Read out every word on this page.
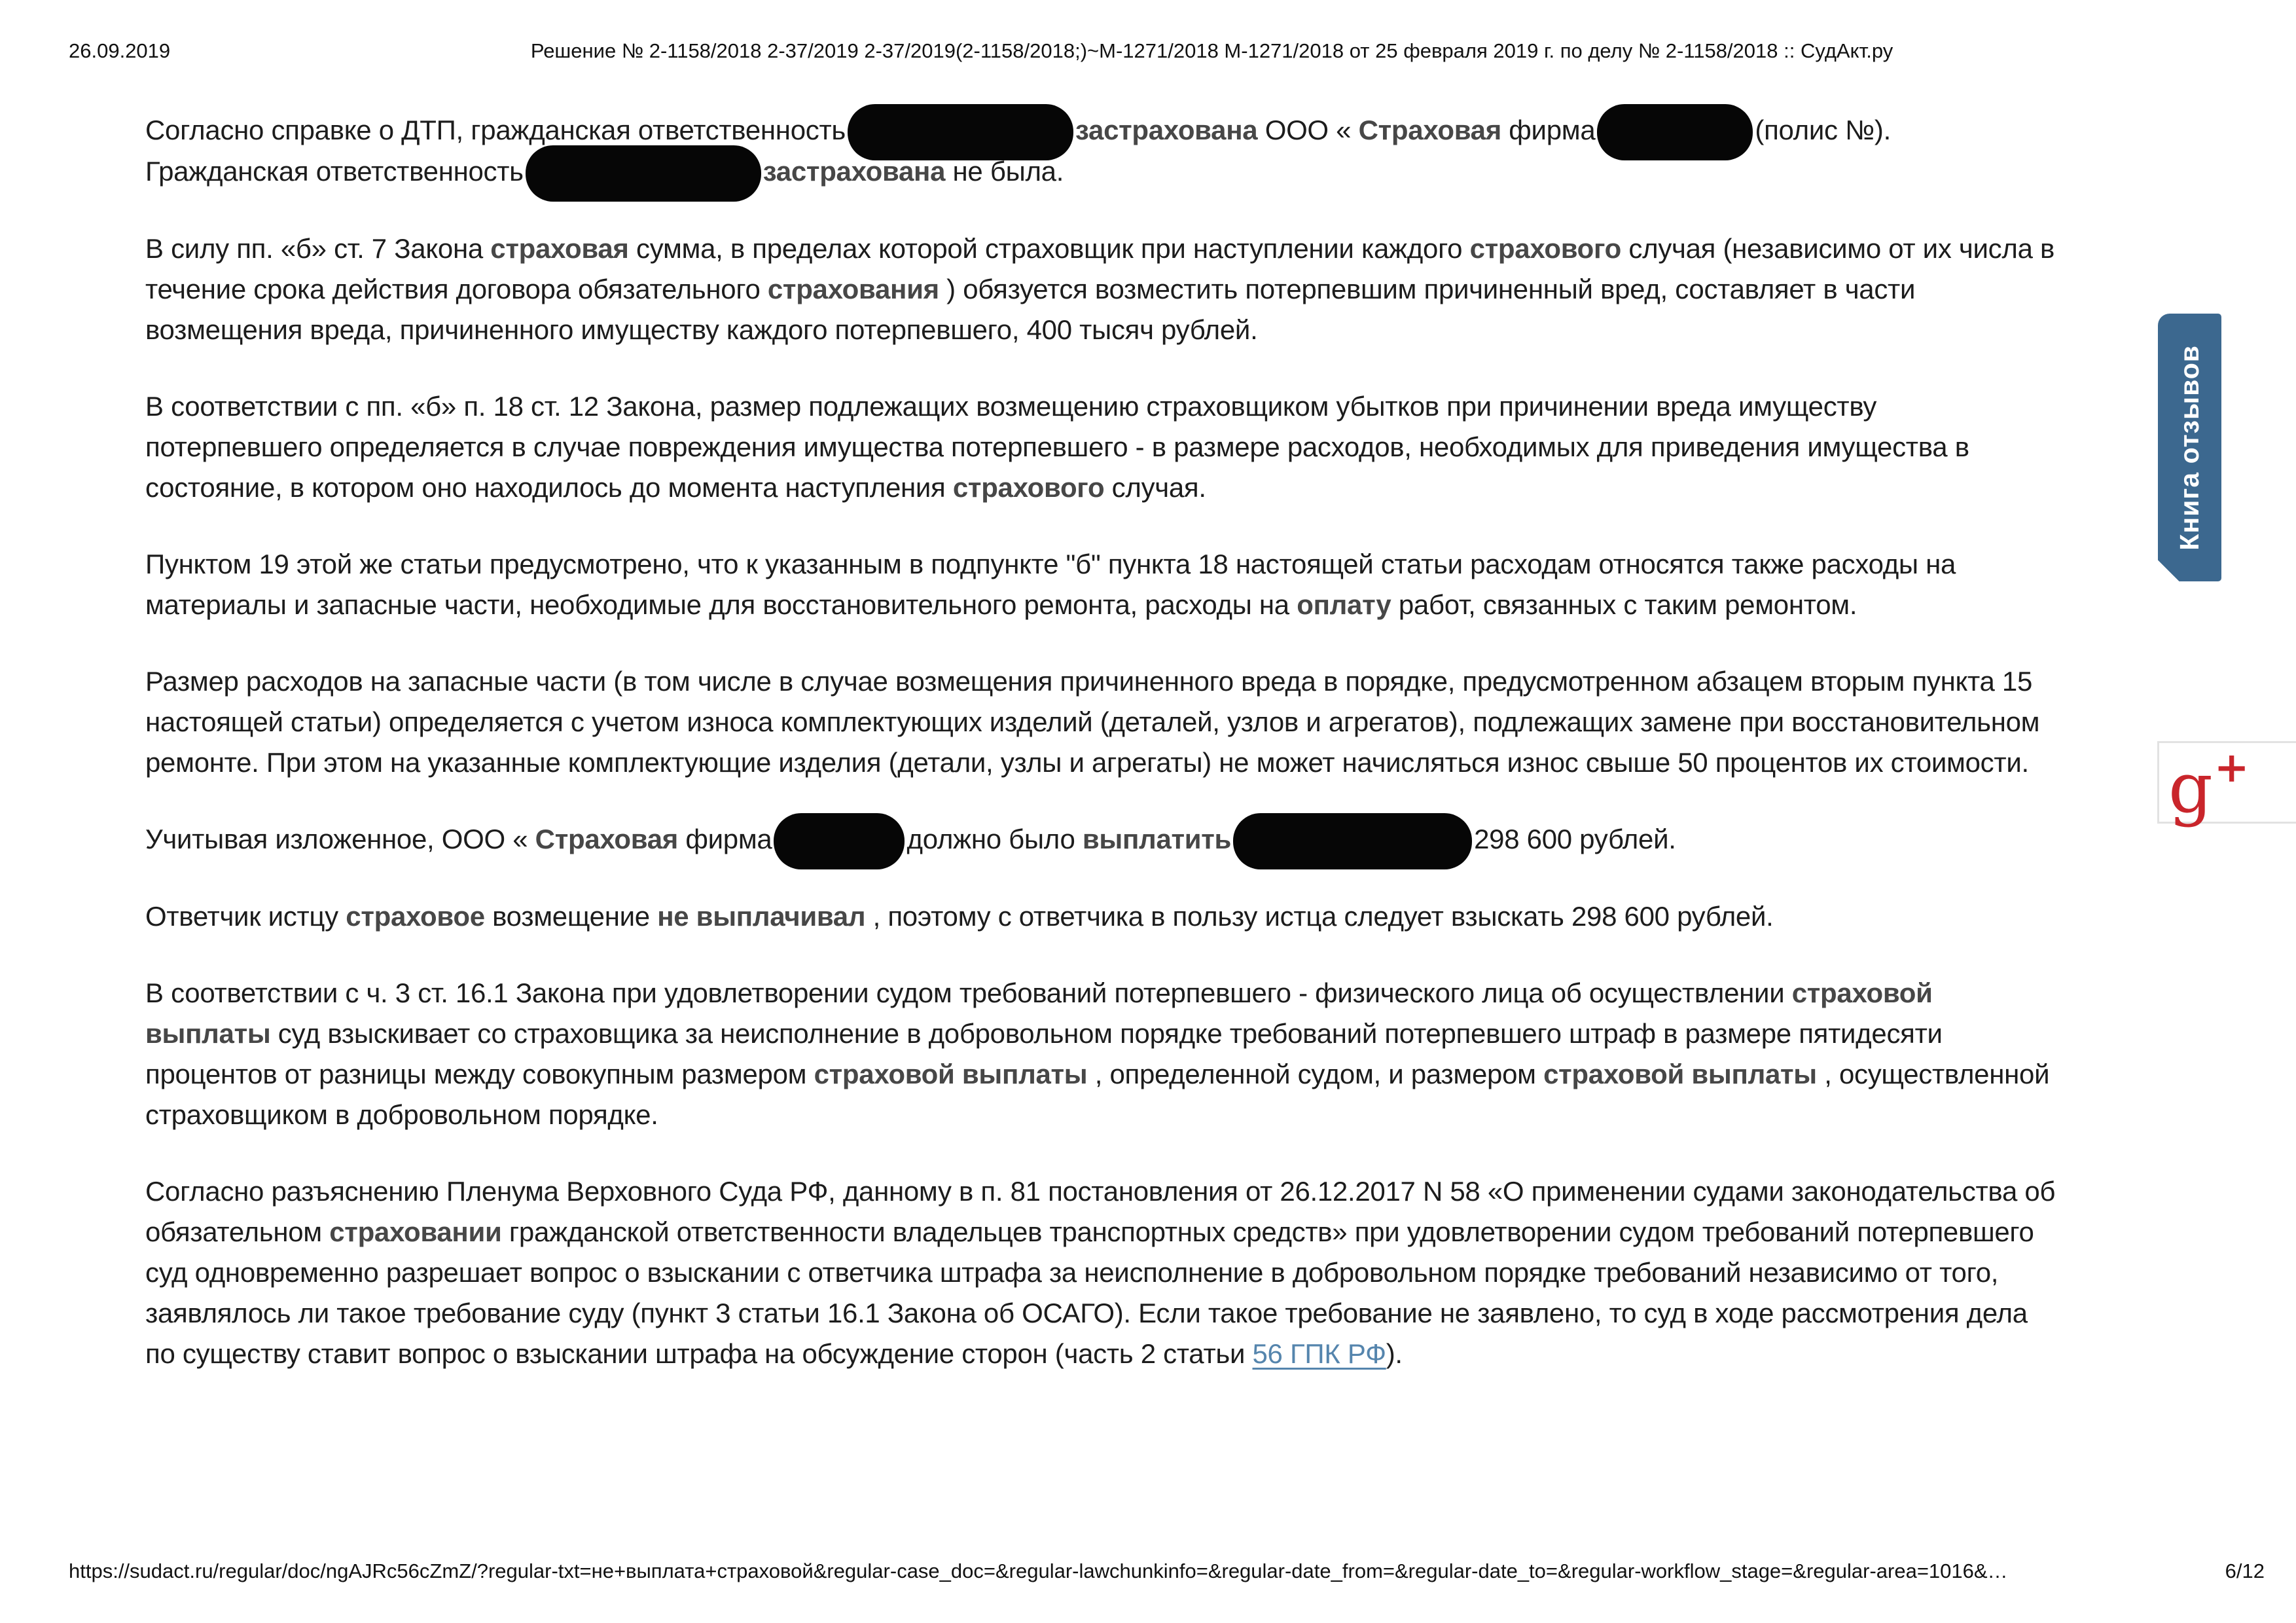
26.09.2019	Решение № 2-1158/2018 2-37/2019 2-37/2019(2-1158/2018;)~М-1271/2018 М-1271/2018 от 25 февраля 2019 г. по делу № 2-1158/2018 :: СудАкт.ру

Согласно справке о ДТП, гражданская ответственность	застрахована ООО « Страховая фирма	(полис №). Гражданская ответственность	застрахована не была.

В силу пп. «б» ст. 7 Закона страховая сумма, в пределах которой страховщик при наступлении каждого страхового случая (независимо от их числа в течение срока действия договора обязательного страхования ) обязуется возместить потерпевшим причиненный вред, составляет в части возмещения вреда, причиненного имуществу каждого потерпевшего, 400 тысяч рублей.

В соответствии с пп. «б» п. 18 ст. 12 Закона, размер подлежащих возмещению страховщиком убытков при причинении вреда имуществу потерпевшего определяется в случае повреждения имущества потерпевшего - в размере расходов, необходимых для приведения имущества в состояние, в котором оно находилось до момента наступления страхового случая.

Пунктом 19 этой же статьи предусмотрено, что к указанным в подпункте "б" пункта 18 настоящей статьи расходам относятся также расходы на материалы и запасные части, необходимые для восстановительного ремонта, расходы на оплату работ, связанных с таким ремонтом.

Размер расходов на запасные части (в том числе в случае возмещения причиненного вреда в порядке, предусмотренном абзацем вторым пункта 15 настоящей статьи) определяется с учетом износа комплектующих изделий (деталей, узлов и агрегатов), подлежащих замене при восстановительном ремонте. При этом на указанные комплектующие изделия (детали, узлы и агрегаты) не может начисляться износ свыше 50 процентов их стоимости.

Учитывая изложенное, ООО « Страховая фирма	должно было выплатить	298 600 рублей.

Ответчик истцу страховое возмещение не выплачивал , поэтому с ответчика в пользу истца следует взыскать 298 600 рублей.

В соответствии с ч. 3 ст. 16.1 Закона при удовлетворении судом требований потерпевшего - физического лица об осуществлении страховой выплаты суд взыскивает со страховщика за неисполнение в добровольном порядке требований потерпевшего штраф в размере пятидесяти процентов от разницы между совокупным размером страховой выплаты , определенной судом, и размером страховой выплаты , осуществленной страховщиком в добровольном порядке.

Согласно разъяснению Пленума Верховного Суда РФ, данному в п. 81 постановления от 26.12.2017 N 58 «О применении судами законодательства об обязательном страховании гражданской ответственности владельцев транспортных средств» при удовлетворении судом требований потерпевшего суд одновременно разрешает вопрос о взыскании с ответчика штрафа за неисполнение в добровольном порядке требований независимо от того, заявлялось ли такое требование суду (пункт 3 статьи 16.1 Закона об ОСАГО). Если такое требование не заявлено, то суд в ходе рассмотрения дела по существу ставит вопрос о взыскании штрафа на обсуждение сторон (часть 2 статьи 56 ГПК РФ).

Книга отзывов
g+
https://sudact.ru/regular/doc/ngAJRc56cZmZ/?regular-txt=не+выплата+страховой&regular-case_doc=&regular-lawchunkinfo=&regular-date_from=&regular-date_to=&regular-workflow_stage=&regular-area=1016&…	6/12
